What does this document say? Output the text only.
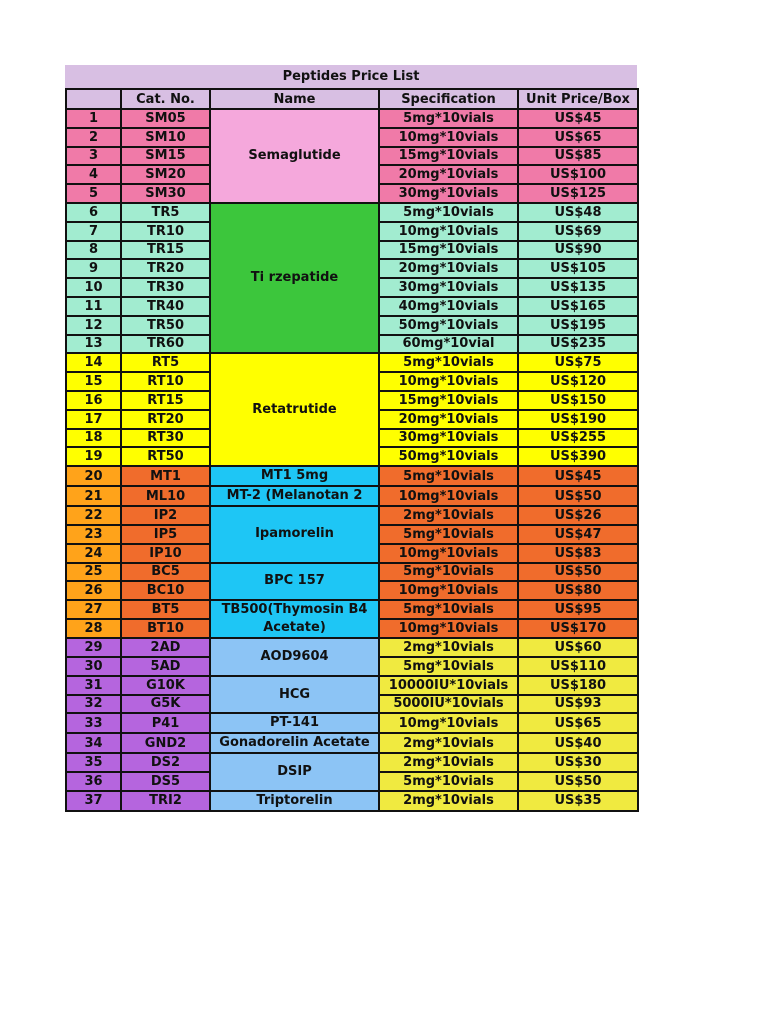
Peptides Price List
	Cat. No.	Name	Specification	Unit Price/Box
1	SM05	Semaglutide	5mg*10vials	US$45
2	SM10		10mg*10vials	US$65
3	SM15		15mg*10vials	US$85
4	SM20		20mg*10vials	US$100
5	SM30		30mg*10vials	US$125
6	TR5	Ti rzepatide	5mg*10vials	US$48
7	TR10		10mg*10vials	US$69
8	TR15		15mg*10vials	US$90
9	TR20		20mg*10vials	US$105
10	TR30		30mg*10vials	US$135
11	TR40		40mg*10vials	US$165
12	TR50		50mg*10vials	US$195
13	TR60		60mg*10vial	US$235
14	RT5	Retatrutide	5mg*10vials	US$75
15	RT10		10mg*10vials	US$120
16	RT15		15mg*10vials	US$150
17	RT20		20mg*10vials	US$190
18	RT30		30mg*10vials	US$255
19	RT50		50mg*10vials	US$390
20	MT1	MT1 5mg	5mg*10vials	US$45
21	ML10	MT-2 (Melanotan 2	10mg*10vials	US$50
22	IP2	Ipamorelin	2mg*10vials	US$26
23	IP5		5mg*10vials	US$47
24	IP10		10mg*10vials	US$83
25	BC5	BPC 157	5mg*10vials	US$50
26	BC10		10mg*10vials	US$80
27	BT5	TB500(Thymosin B4 Acetate)	5mg*10vials	US$95
28	BT10		10mg*10vials	US$170
29	2AD	AOD9604	2mg*10vials	US$60
30	5AD		5mg*10vials	US$110
31	G10K	HCG	10000IU*10vials	US$180
32	G5K		5000IU*10vials	US$93
33	P41	PT-141	10mg*10vials	US$65
34	GND2	Gonadorelin Acetate	2mg*10vials	US$40
35	DS2	DSIP	2mg*10vials	US$30
36	DS5		5mg*10vials	US$50
37	TRI2	Triptorelin	2mg*10vials	US$35
